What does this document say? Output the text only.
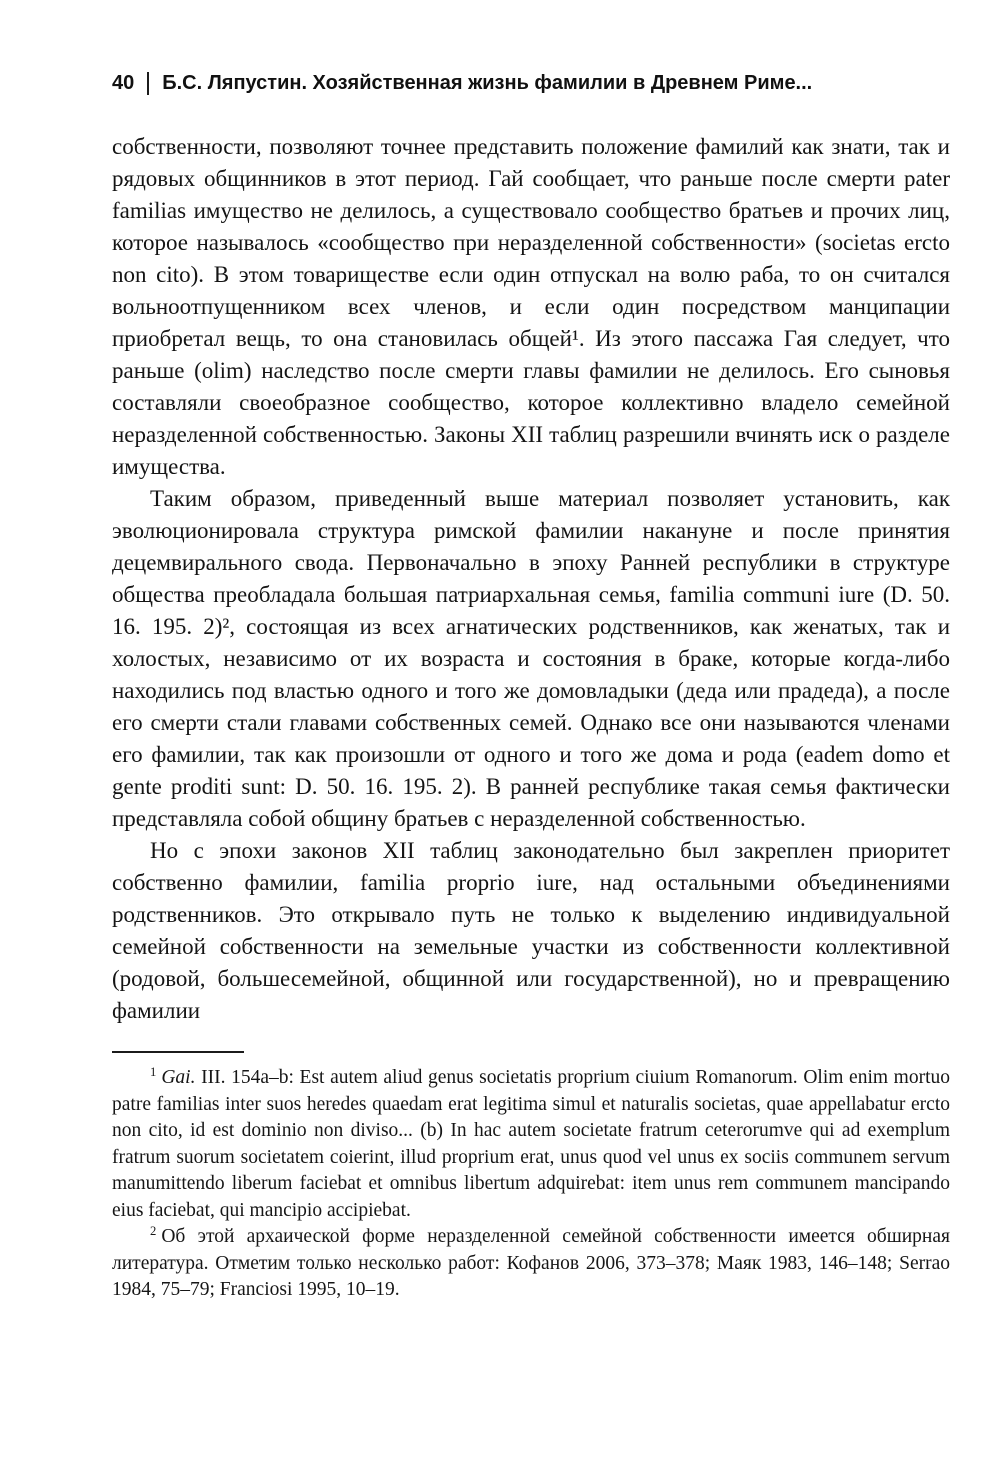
40 Б.С. Ляпустин. Хозяйственная жизнь фамилии в Древнем Риме...

собственности, позволяют точнее представить положение фамилий как знати, так и рядовых общинников в этот период. Гай сообщает, что раньше после смерти pater familias имущество не делилось, а существовало сообщество братьев и прочих лиц, которое называлось «сообщество при неразделенной собственности» (societas ercto non cito). В этом товариществе если один отпускал на волю раба, то он считался вольноотпущенником всех членов, и если один посредством манципации приобретал вещь, то она становилась общей¹. Из этого пассажа Гая следует, что раньше (olim) наследство после смерти главы фамилии не делилось. Его сыновья составляли своеобразное сообщество, которое коллективно владело семейной неразделенной собственностью. Законы XII таблиц разрешили вчинять иск о разделе имущества.

Таким образом, приведенный выше материал позволяет установить, как эволюционировала структура римской фамилии накануне и после принятия децемвирального свода. Первоначально в эпоху Ранней республики в структуре общества преобладала большая патриархальная семья, familia communi iure (D. 50. 16. 195. 2)², состоящая из всех агнатических родственников, как женатых, так и холостых, независимо от их возраста и состояния в браке, которые когда-либо находились под властью одного и того же домовладыки (деда или прадеда), а после его смерти стали главами собственных семей. Однако все они называются членами его фамилии, так как произошли от одного и того же дома и рода (eadem domo et gente proditi sunt: D. 50. 16. 195. 2). В ранней республике такая семья фактически представляла собой общину братьев с неразделенной собственностью.

Но с эпохи законов XII таблиц законодательно был закреплен приоритет собственно фамилии, familia proprio iure, над остальными объединениями родственников. Это открывало путь не только к выделению индивидуальной семейной собственности на земельные участки из собственности коллективной (родовой, большесемейной, общинной или государственной), но и превращению фамилии

$^1$ Gai. III. 154a–b: Est autem aliud genus societatis proprium ciuium Romanorum. Olim enim mortuo patre familias inter suos heredes quaedam erat legitima simul et naturalis societas, quae appellabatur ercto non cito, id est dominio non diviso... (b) In hac autem societate fratrum ceterorumve qui ad exemplum fratrum suorum societatem coierint, illud proprium erat, unus quod vel unus ex sociis communem servum manumittendo liberum faciebat et omnibus libertum adquirebat: item unus rem communem mancipando eius faciebat, qui mancipio accipiebat.

$^2$ Об этой архаической форме неразделенной семейной собственности имеется обширная литература. Отметим только несколько работ: Кофанов 2006, 373–378; Маяк 1983, 146–148; Serrao 1984, 75–79; Franciosi 1995, 10–19.
